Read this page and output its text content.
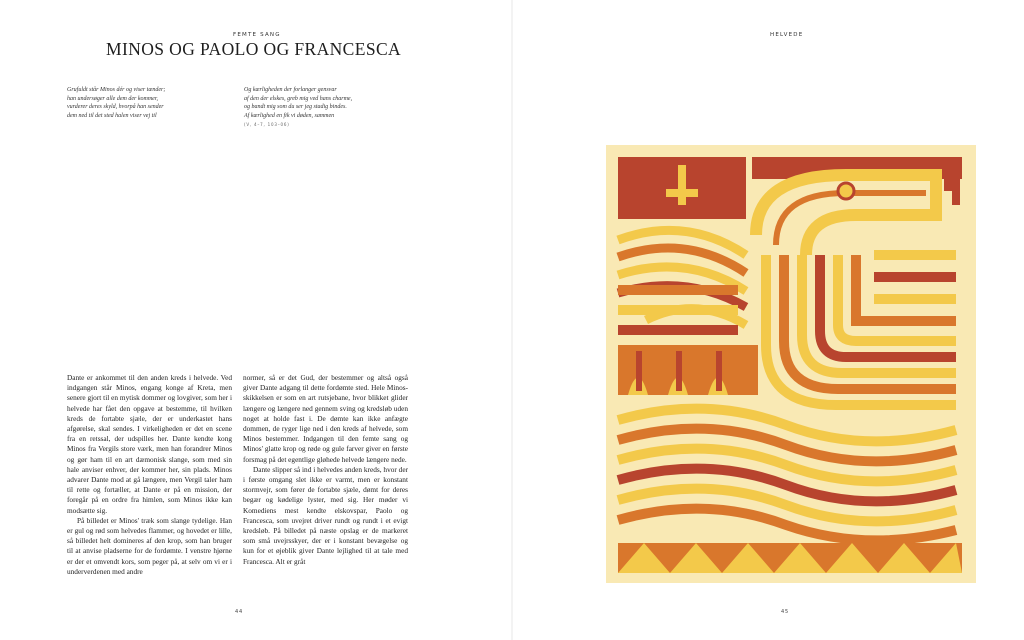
FEMTE SANG
MINOS OG PAOLO OG FRANCESCA

Grufuldt står Minos dér og viser tænder;

han undersøger alle dem der kommer,

vurderer deres skyld, hvorpå han sender

dem ned til det sted halen viser vej til

Og kærligheden der forlanger gensvar

af den der elskes, greb mig ved hans charme,

og bandt mig som du ser jeg stadig bindes.

Af kærlighed en fik vi døden, sammen

(V, 4–7, 103–06)

Dante er ankommet til den anden kreds i helvede. Ved indgangen står Minos, engang konge af Kreta, men senere gjort til en mytisk dommer og lovgiver, som her i helvede har fået den opgave at bestemme, til hvilken kreds de fortabte sjæle, der er underkastet hans afgørelse, skal sendes. I virkeligheden er det en scene fra en retssal, der udspilles her. Dante kendte kong Minos fra Vergils store værk, men han forandrer Minos og gør ham til en art dæmonisk slange, som med sin hale anviser enhver, der kommer her, sin plads. Minos advarer Dante mod at gå længere, men Vergil taler ham til rette og fortæller, at Dante er på en mission, der foregår på en ordre fra himlen, som Minos ikke kan modsætte sig.

På billedet er Minos' træk som slange tydelige. Han er gul og rød som helvedes flammer, og hovedet er lille, så billedet helt domineres af den krop, som han bruger til at anvise pladserne for de fordømte. I venstre hjørne er der et omvendt kors, som peger på, at selv om vi er i underverdenen med andre

normer, så er det Gud, der bestemmer og altså også giver Dante adgang til dette fordømte sted. Hele Minos-skikkelsen er som en art rutsjebane, hvor blikket glider længere og længere ned gennem sving og kredsløb uden noget at holde fast i. De dømte kan ikke anfægte dommen, de ryger lige ned i den kreds af helvede, som Minos bestemmer. Indgangen til den femte sang og Minos' glatte krop og røde og gule farver giver en første forsmag på det egentlige gløhede helvede længere nede.

Dante slipper så ind i helvedes anden kreds, hvor der i første omgang slet ikke er varmt, men er konstant stormvejr, som fører de fortabte sjæle, dømt for deres begær og kødelige lyster, med sig. Her møder vi Komediens mest kendte elskovspar, Paolo og Francesca, som uvejret driver rundt og rundt i et evigt kredsløb. På billedet på næste opslag er de markeret som små uvejrsskyer, der er i konstant bevægelse og kun for et øjeblik giver Dante lejlighed til at tale med Francesca. Alt er gråt

44
HELVEDE
45
